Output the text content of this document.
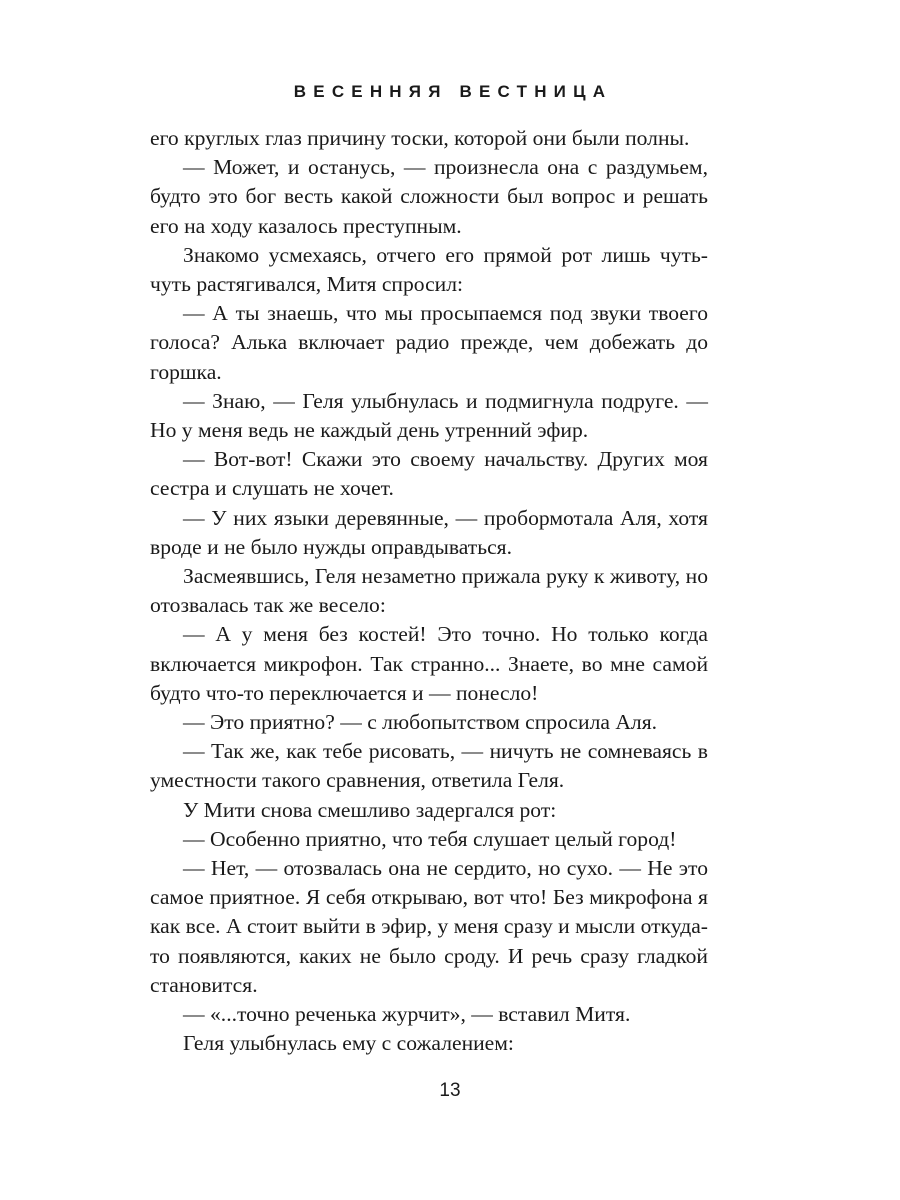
ВЕСЕННЯЯ ВЕСТНИЦА

его круглых глаз причину тоски, которой они были полны.

— Может, и останусь, — произнесла она с раздумьем, будто это бог весть какой сложности был вопрос и решать его на ходу казалось преступным.

Знакомо усмехаясь, отчего его прямой рот лишь чуть-чуть растягивался, Митя спросил:

— А ты знаешь, что мы просыпаемся под звуки твоего голоса? Алька включает радио прежде, чем добежать до горшка.

— Знаю, — Геля улыбнулась и подмигнула подруге. — Но у меня ведь не каждый день утренний эфир.

— Вот-вот! Скажи это своему начальству. Других моя сестра и слушать не хочет.

— У них языки деревянные, — пробормотала Аля, хотя вроде и не было нужды оправдываться.

Засмеявшись, Геля незаметно прижала руку к животу, но отозвалась так же весело:

— А у меня без костей! Это точно. Но только когда включается микрофон. Так странно... Знаете, во мне самой будто что-то переключается и — понесло!

— Это приятно? — с любопытством спросила Аля.

— Так же, как тебе рисовать, — ничуть не сомневаясь в уместности такого сравнения, ответила Геля.

У Мити снова смешливо задергался рот:

— Особенно приятно, что тебя слушает целый город!

— Нет, — отозвалась она не сердито, но сухо. — Не это самое приятное. Я себя открываю, вот что! Без микрофона я как все. А стоит выйти в эфир, у меня сразу и мысли откуда-то появляются, каких не было сроду. И речь сразу гладкой становится.

— «...точно реченька журчит», — вставил Митя.

Геля улыбнулась ему с сожалением:

13
